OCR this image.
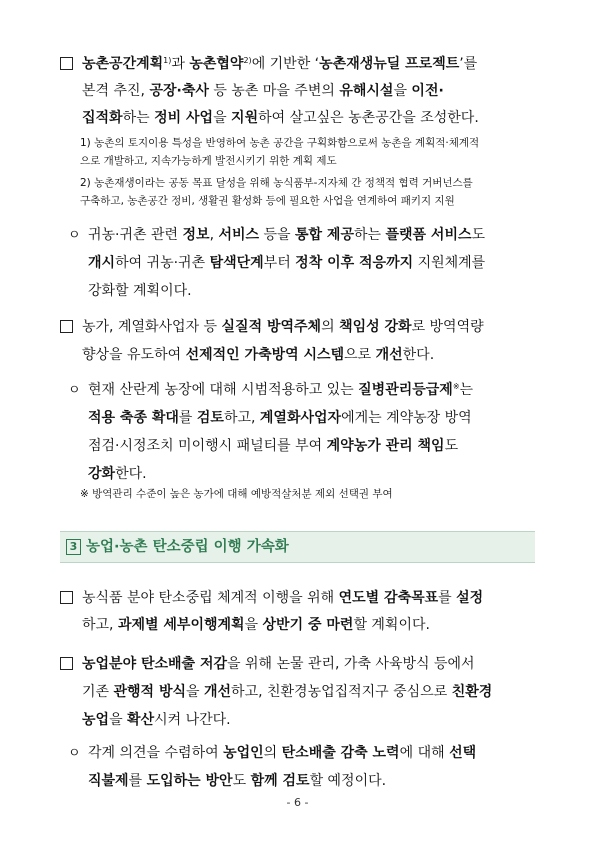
농촌공간계획$^{1)}$과 농촌협약$^{2)}$에 기반한 ‘농촌재생뉴딜 프로젝트’를
본격 추진, 공장·축사 등 농촌 마을 주변의 유해시설을 이전·
집적화하는 정비 사업을 지원하여 살고싶은 농촌공간을 조성한다.
1) 농촌의 토지이용 특성을 반영하여 농촌 공간을 구획화함으로써 농촌을 계획적·체계적
으로 개발하고, 지속가능하게 발전시키기 위한 계획 제도
2) 농촌재생이라는 공동 목표 달성을 위해 농식품부-지자체 간 정책적 협력 거버넌스를
구축하고, 농촌공간 정비, 생활권 활성화 등에 필요한 사업을 연계하여 패키지 지원
ㅇ 귀농·귀촌 관련 정보, 서비스 등을 통합 제공하는 플랫폼 서비스도
개시하여 귀농·귀촌 탐색단계부터 정착 이후 적응까지 지원체계를
강화할 계획이다.
농가, 계열화사업자 등 실질적 방역주체의 책임성 강화로 방역역량
향상을 유도하여 선제적인 가축방역 시스템으로 개선한다.
ㅇ 현재 산란계 농장에 대해 시범적용하고 있는 질병관리등급제※는
적용 축종 확대를 검토하고, 계열화사업자에게는 계약농장 방역
점검·시정조치 미이행시 패널티를 부여 계약농가 관리 책임도
강화한다.
※ 방역관리 수준이 높은 농가에 대해 예방적살처분 제외 선택권 부여
농식품 분야 탄소중립 체계적 이행을 위해 연도별 감축목표를 설정
하고, 과제별 세부이행계획을 상반기 중 마련할 계획이다.
농업분야 탄소배출 저감을 위해 논물 관리, 가축 사육방식 등에서
기존 관행적 방식을 개선하고, 친환경농업집적지구 중심으로 친환경
농업을 확산시켜 나간다.
ㅇ 각계 의견을 수렴하여 농업인의 탄소배출 감축 노력에 대해 선택
직불제를 도입하는 방안도 함께 검토할 예정이다.
3 농업·농촌 탄소중립 이행 가속화
- 6 -
